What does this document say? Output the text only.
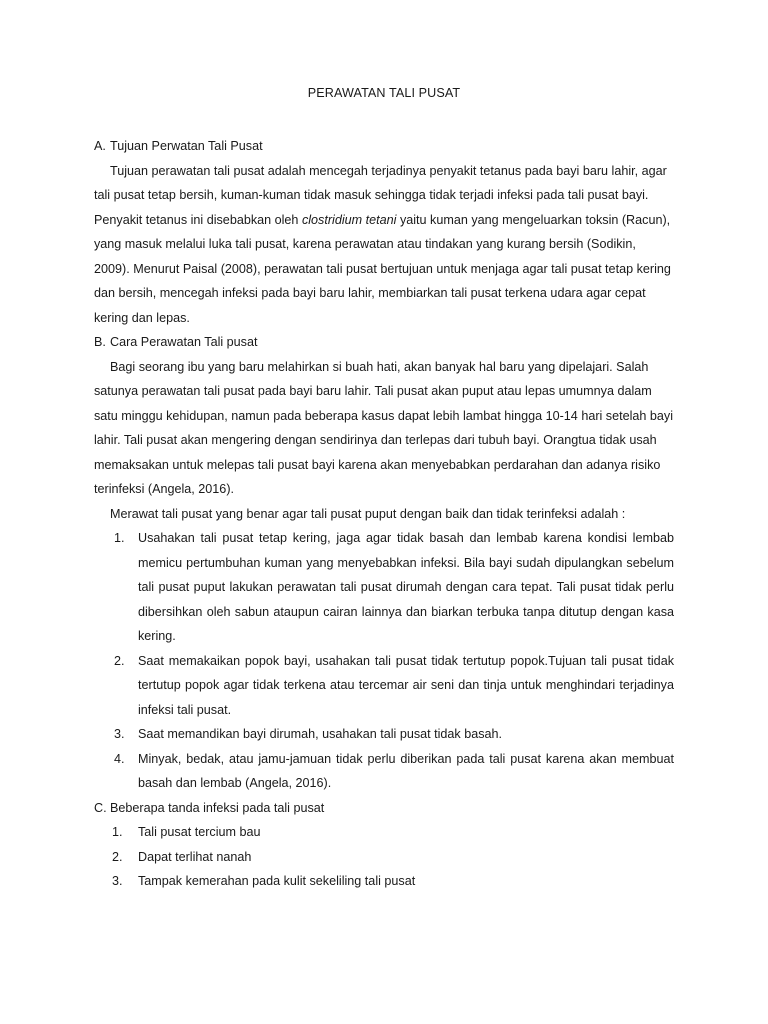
PERAWATAN TALI PUSAT
A. Tujuan Perwatan Tali Pusat

Tujuan perawatan tali pusat adalah mencegah terjadinya penyakit tetanus pada bayi baru lahir, agar tali pusat tetap bersih, kuman-kuman tidak masuk sehingga tidak terjadi infeksi pada tali pusat bayi. Penyakit tetanus ini disebabkan oleh clostridium tetani yaitu kuman yang mengeluarkan toksin (Racun), yang masuk melalui luka tali pusat, karena perawatan atau tindakan yang kurang bersih (Sodikin, 2009). Menurut Paisal (2008), perawatan tali pusat bertujuan untuk menjaga agar tali pusat tetap kering dan bersih, mencegah infeksi pada bayi baru lahir, membiarkan tali pusat terkena udara agar cepat kering dan lepas.

B. Cara Perawatan Tali pusat

Bagi seorang ibu yang baru melahirkan si buah hati, akan banyak hal baru yang dipelajari. Salah satunya perawatan tali pusat pada bayi baru lahir. Tali pusat akan puput atau lepas umumnya dalam satu minggu kehidupan, namun pada beberapa kasus dapat lebih lambat hingga 10-14 hari setelah bayi lahir. Tali pusat akan mengering dengan sendirinya dan terlepas dari tubuh bayi. Orangtua tidak usah memaksakan untuk melepas tali pusat bayi karena akan menyebabkan perdarahan dan adanya risiko terinfeksi (Angela, 2016).

Merawat tali pusat yang benar agar tali pusat puput dengan baik dan tidak terinfeksi adalah :

1.	Usahakan tali pusat tetap kering, jaga agar tidak basah dan lembab karena kondisi lembab memicu pertumbuhan kuman yang menyebabkan infeksi. Bila bayi sudah dipulangkan sebelum tali pusat puput lakukan perawatan tali pusat dirumah dengan cara tepat. Tali pusat tidak perlu dibersihkan oleh sabun ataupun cairan lainnya dan biarkan terbuka tanpa ditutup dengan kasa kering.
2.	Saat memakaikan popok bayi, usahakan tali pusat tidak tertutup popok.Tujuan tali pusat tidak tertutup popok agar tidak terkena atau tercemar air seni dan tinja untuk menghindari terjadinya infeksi tali pusat.
3.	Saat memandikan bayi dirumah, usahakan tali pusat tidak basah.
4.	Minyak, bedak, atau jamu-jamuan tidak perlu diberikan pada tali pusat karena akan membuat basah dan lembab (Angela, 2016).
C. Beberapa tanda infeksi pada tali pusat
1.	Tali pusat tercium bau
2.	Dapat terlihat nanah
3.	Tampak kemerahan pada kulit sekeliling tali pusat
